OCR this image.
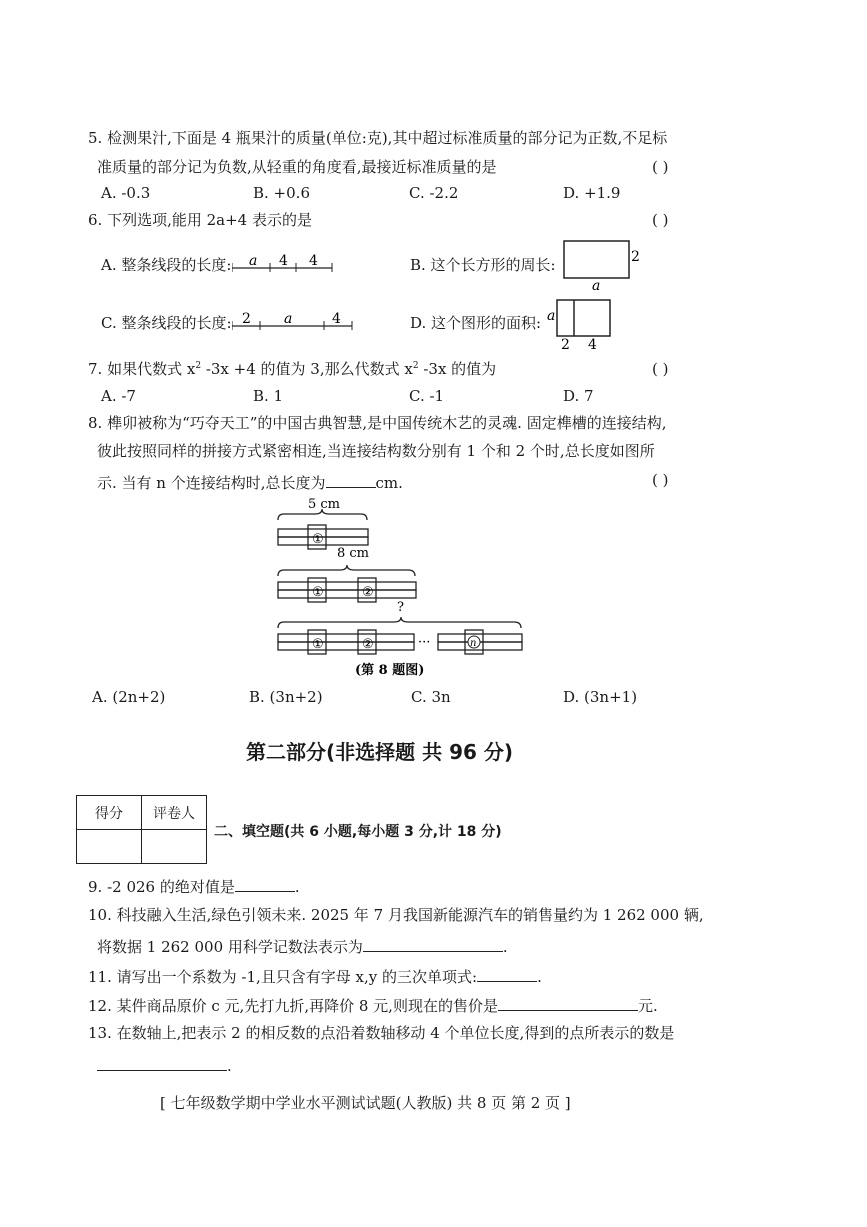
5. 检测果汁,下面是 4 瓶果汁的质量(单位:克),其中超过标准质量的部分记为正数,不足标
准质量的部分记为负数,从轻重的角度看,最接近标准质量的是	( )
A. -0.3	B. +0.6	C. -2.2	D. +1.9
6. 下列选项,能用 2a+4 表示的是	( )
A. 整条线段的长度: a 4 4	B. 这个长方形的周长:	2
a
C. 整条线段的长度: 2 a	4	D. 这个图形的面积: a
2 4
7. 如果代数式 $x^2$ -3x +4 的值为 3,那么代数式 $x^2$ -3x 的值为	( )
A. -7	B. 1	C. -1	D. 7
8. 榫卯被称为“巧夺天工”的中国古典智慧,是中国传统木艺的灵魂. 固定榫槽的连接结构,
彼此按照同样的拼接方式紧密相连,当连接结构数分别有 1 个和 2 个时,总长度如图所
示. 当有 n 个连接结构时,总长度为	cm.	( )
5 cm
①
8 cm
①	②
?
①	②	···	n
(第 8 题图)
A. (2n+2)	B. (3n+2)	C. 3n	D. (3n+1)
第二部分(非选择题 共 96 分)
得分	评卷人

二、填空题(共 6 小题,每小题 3 分,计 18 分)
9. -2 026 的绝对值是	.
10. 科技融入生活,绿色引领未来. 2025 年 7 月我国新能源汽车的销售量约为 1 262 000 辆,
将数据 1 262 000 用科学记数法表示为	.
11. 请写出一个系数为 -1,且只含有字母 x,y 的三次单项式:	.
12. 某件商品原价 c 元,先打九折,再降价 8 元,则现在的售价是	元.
13. 在数轴上,把表示 2 的相反数的点沿着数轴移动 4 个单位长度,得到的点所表示的数是
.
[ 七年级数学期中学业水平测试试题(人教版) 共 8 页 第 2 页 ]
